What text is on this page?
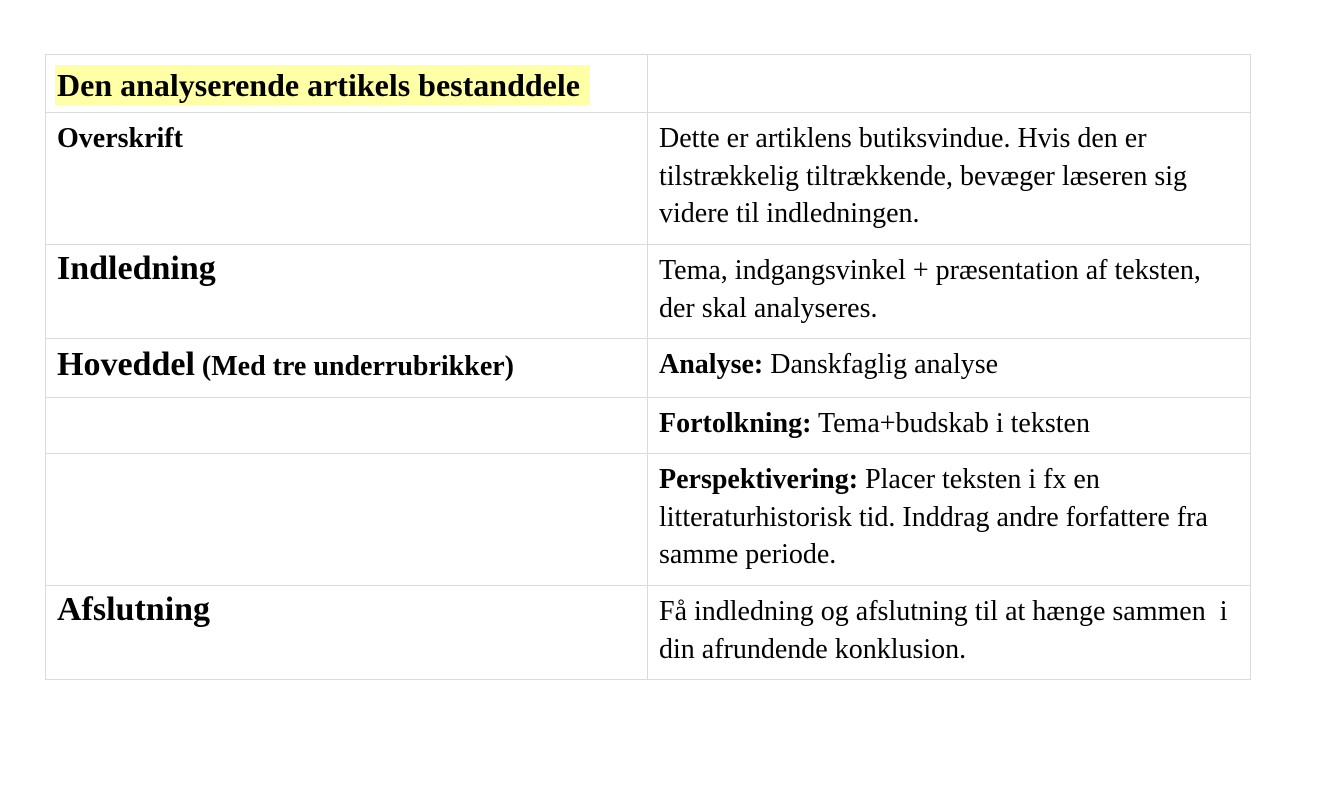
Den analyserende artikels bestanddele	
Overskrift	Dette er artiklens butiksvindue. Hvis den er tilstrækkelig tiltrækkende, bevæger læseren sig videre til indledningen.

Indledning	Tema, indgangsvinkel + præsentation af teksten, der skal analyseres.
Hoveddel (Med tre underrubrikker)	Analyse: Danskfaglig analyse
	Fortolkning: Tema+budskab i teksten
	Perspektivering: Placer teksten i fx en litteraturhistorisk tid. Inddrag andre forfattere fra samme periode.

Afslutning	Få indledning og afslutning til at hænge sammen  i din afrundende konklusion.
